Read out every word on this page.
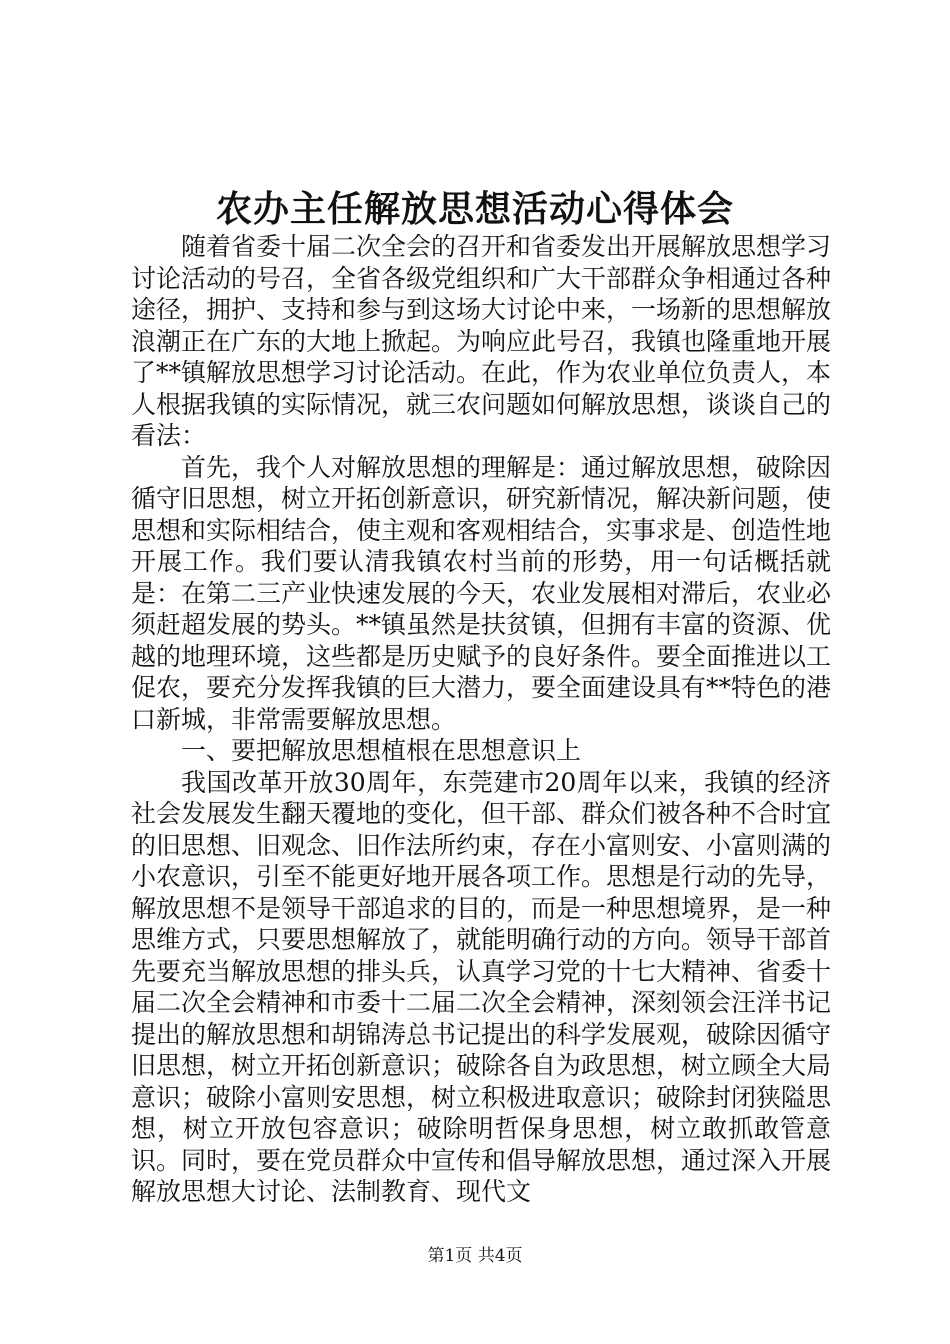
农办主任解放思想活动心得体会

随着省委十届二次全会的召开和省委发出开展解放思想学习讨论活动的号召，全省各级党组织和广大干部群众争相通过各种途径，拥护、支持和参与到这场大讨论中来，一场新的思想解放浪潮正在广东的大地上掀起。为响应此号召，我镇也隆重地开展了**镇解放思想学习讨论活动。在此，作为农业单位负责人，本人根据我镇的实际情况，就三农问题如何解放思想，谈谈自己的看法：

首先，我个人对解放思想的理解是：通过解放思想，破除因循守旧思想，树立开拓创新意识，研究新情况，解决新问题，使思想和实际相结合，使主观和客观相结合，实事求是、创造性地开展工作。我们要认清我镇农村当前的形势，用一句话概括就是：在第二三产业快速发展的今天，农业发展相对滞后，农业必须赶超发展的势头。**镇虽然是扶贫镇，但拥有丰富的资源、优越的地理环境，这些都是历史赋予的良好条件。要全面推进以工促农，要充分发挥我镇的巨大潜力，要全面建设具有**特色的港口新城，非常需要解放思想。

一、要把解放思想植根在思想意识上

我国改革开放30周年，东莞建市20周年以来，我镇的经济社会发展发生翻天覆地的变化，但干部、群众们被各种不合时宜的旧思想、旧观念、旧作法所约束，存在小富则安、小富则满的小农意识，引至不能更好地开展各项工作。思想是行动的先导，解放思想不是领导干部追求的目的，而是一种思想境界，是一种思维方式，只要思想解放了，就能明确行动的方向。领导干部首先要充当解放思想的排头兵，认真学习党的十七大精神、省委十届二次全会精神和市委十二届二次全会精神，深刻领会汪洋书记提出的解放思想和胡锦涛总书记提出的科学发展观，破除因循守旧思想，树立开拓创新意识；破除各自为政思想，树立顾全大局意识；破除小富则安思想，树立积极进取意识；破除封闭狭隘思想，树立开放包容意识；破除明哲保身思想，树立敢抓敢管意识。同时，要在党员群众中宣传和倡导解放思想，通过深入开展解放思想大讨论、法制教育、现代文

第1页 共4页
